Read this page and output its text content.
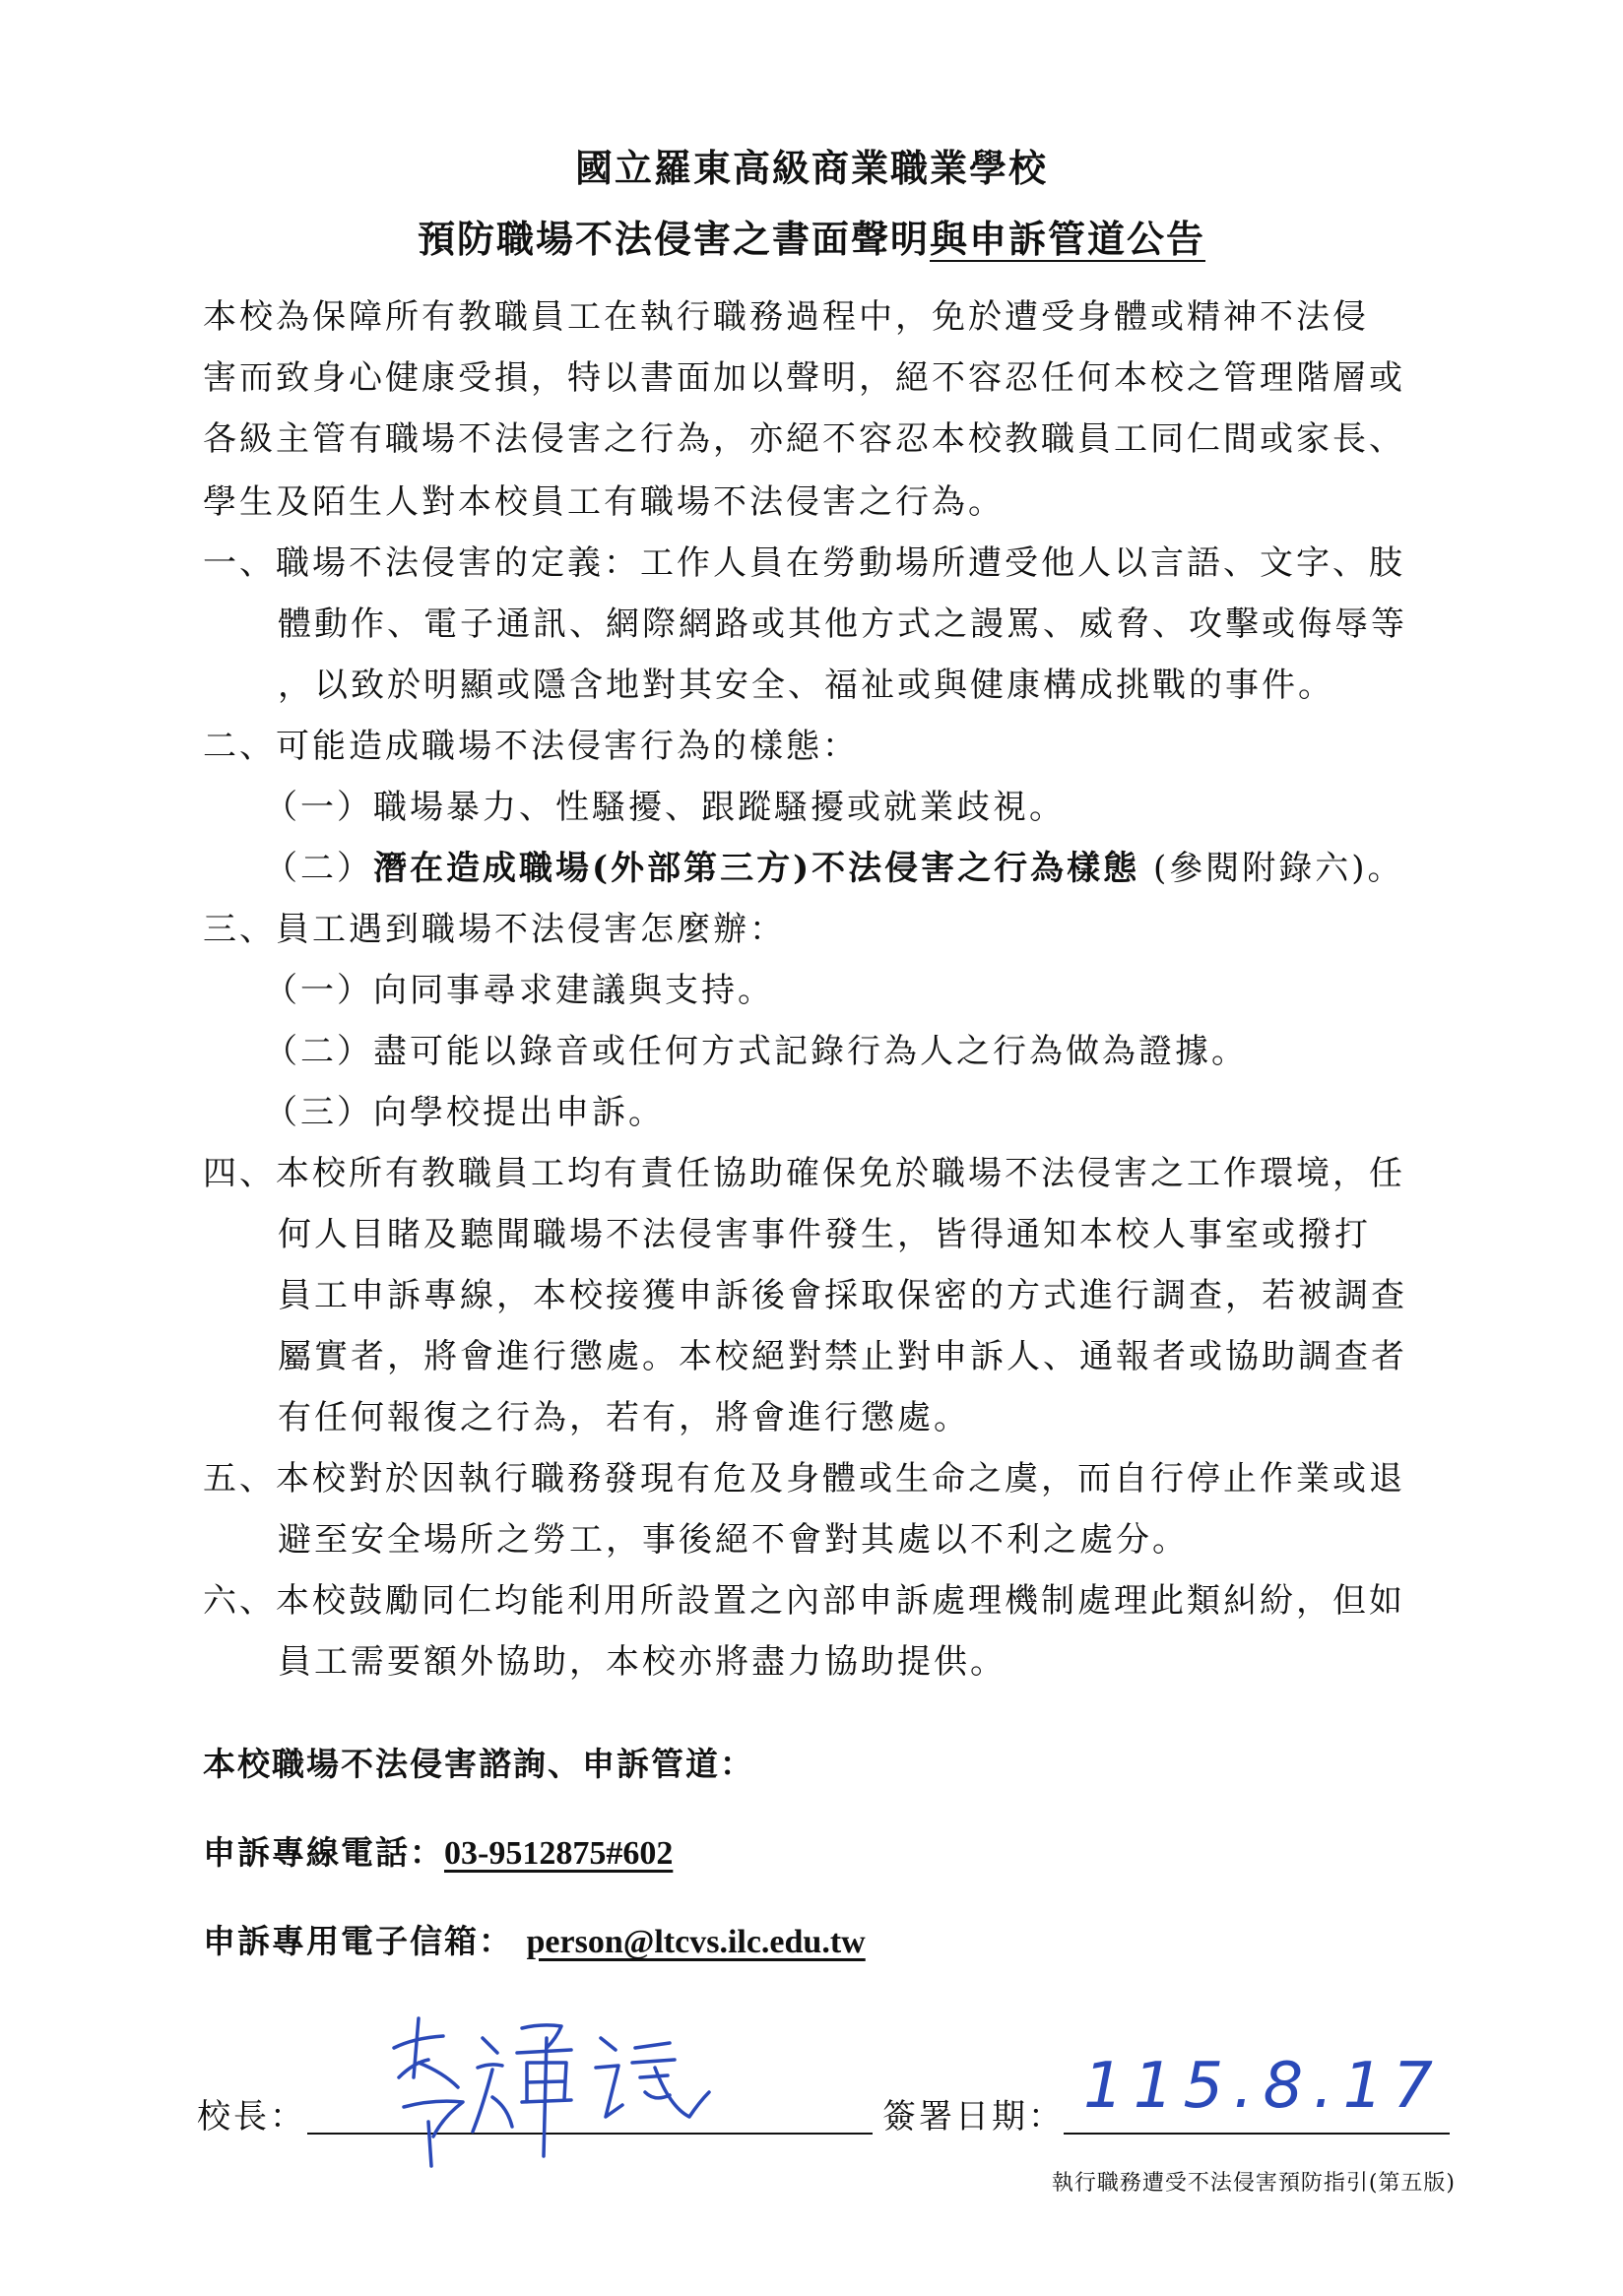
國立羅東高級商業職業學校
預防職場不法侵害之書面聲明與申訴管道公告
本校為保障所有教職員工在執行職務過程中，免於遭受身體或精神不法侵
害而致身心健康受損，特以書面加以聲明，絕不容忍任何本校之管理階層或
各級主管有職場不法侵害之行為，亦絕不容忍本校教職員工同仁間或家長、
學生及陌生人對本校員工有職場不法侵害之行為。
一、職場不法侵害的定義：工作人員在勞動場所遭受他人以言語、文字、肢
體動作、電子通訊、網際網路或其他方式之謾罵、威脅、攻擊或侮辱等
，以致於明顯或隱含地對其安全、福祉或與健康構成挑戰的事件。
二、可能造成職場不法侵害行為的樣態：
（一）職場暴力、性騷擾、跟蹤騷擾或就業歧視。
（二）潛在造成職場(外部第三方)不法侵害之行為樣態 (參閱附錄六)。
三、員工遇到職場不法侵害怎麼辦：
（一）向同事尋求建議與支持。
（二）盡可能以錄音或任何方式記錄行為人之行為做為證據。
（三）向學校提出申訴。
四、本校所有教職員工均有責任協助確保免於職場不法侵害之工作環境，任
何人目睹及聽聞職場不法侵害事件發生，皆得通知本校人事室或撥打
員工申訴專線，本校接獲申訴後會採取保密的方式進行調查，若被調查
屬實者，將會進行懲處。本校絕對禁止對申訴人、通報者或協助調查者
有任何報復之行為，若有，將會進行懲處。
五、本校對於因執行職務發現有危及身體或生命之虞，而自行停止作業或退
避至安全場所之勞工，事後絕不會對其處以不利之處分。
六、本校鼓勵同仁均能利用所設置之內部申訴處理機制處理此類糾紛，但如
員工需要額外協助，本校亦將盡力協助提供。
本校職場不法侵害諮詢、申訴管道：
申訴專線電話：03-9512875#602
申訴專用電子信箱： person@ltcvs.ilc.edu.tw
校長：	簽署日期： 115.8.17
執行職務遭受不法侵害預防指引(第五版)
